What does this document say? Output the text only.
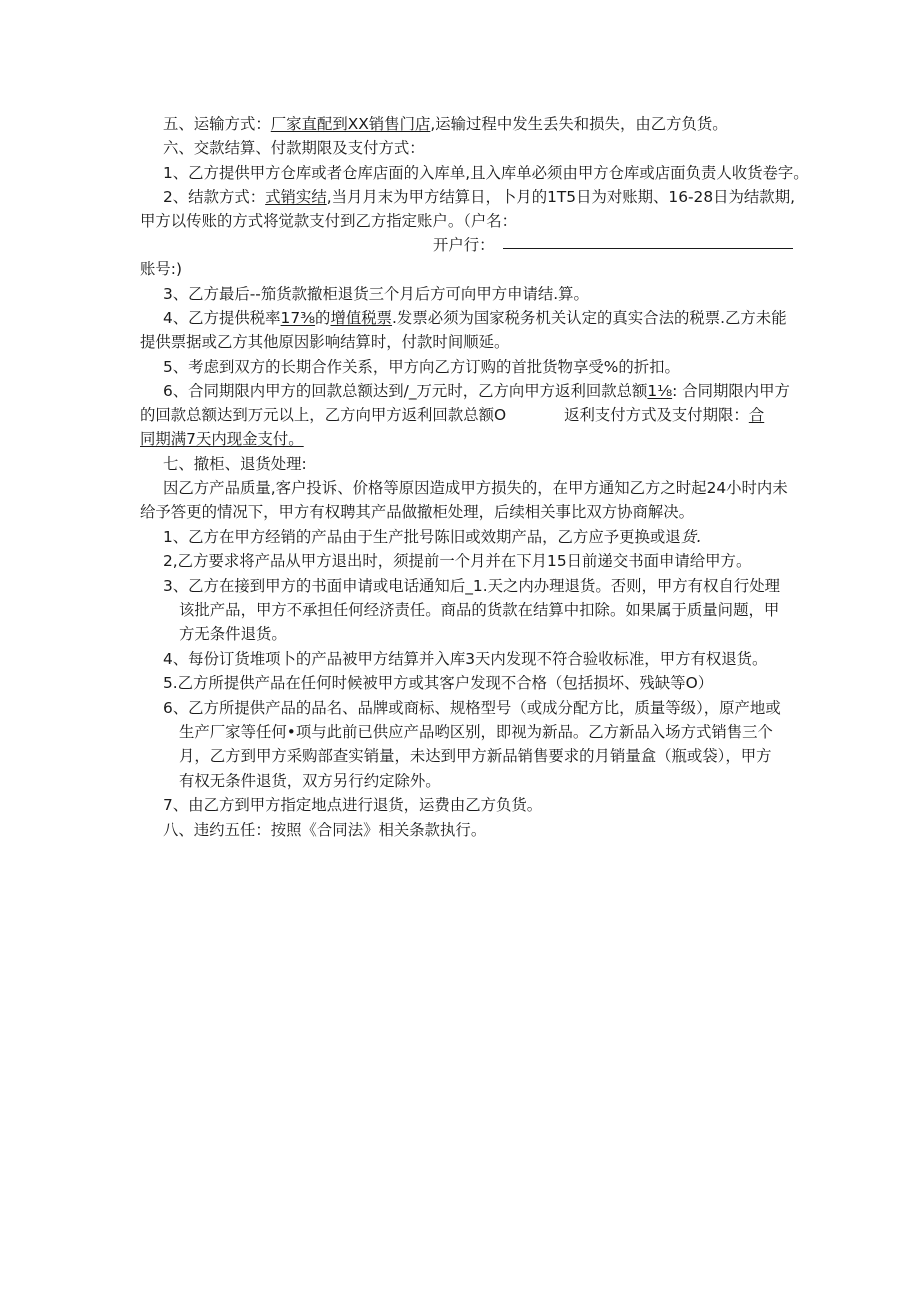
五、运输方式：厂家直配到XX销售门店,运输过程中发生丢失和损失，由乙方负货。
六、交款结算、付款期限及支付方式：
1、乙方提供甲方仓库或者仓库店面的入库单,且入库单必须由甲方仓库或店面负责人收货卷字。
2、结款方式：式销实结,当月月末为甲方结算日，卜月的1T5日为对账期、16-28日为结款期,
甲方以传账的方式将觉款支付到乙方指定账户。（户名：
开户行：
账号:)
3、乙方最后--笳货款撤柜退货三个月后方可向甲方申请结.算。
4、乙方提供税率17⅜的增值税票.发票必须为国家税务机关认定的真实合法的税票.乙方未能
提供票据或乙方其他原因影响结算时，付款时间顺延。
5、考虑到双方的长期合作关系，甲方向乙方订购的首批货物享受%的折扣。
6、合同期限内甲方的回款总额达到/_万元时，乙方向甲方返利回款总额1⅛: 合同期限内甲方
的回款总额达到万元以上，乙方向甲方返利回款总额O	返利支付方式及支付期限：合
同期满7天内现金支付。
七、撤柜、退货处理:
因乙方产品质量,客户投诉、价格等原因造成甲方损失的，在甲方通知乙方之时起24小时内未
给予答更的情况下，甲方有权聘其产品做撤柜处理，后续相关事比双方协商解决。
1、乙方在甲方经销的产品由于生产批号陈旧或效期产品，乙方应予更换或退货.
2,乙方要求将产品从甲方退出时，须提前一个月并在下月15日前递交书面申请给甲方。
3、乙方在接到甲方的书面申请或电话通知后_1.天之内办理退货。否则，甲方有权自行处理
该批产品，甲方不承担任何经济责任。商品的货款在结算中扣除。如果属于质量问题，甲
方无条件退货。
4、每份订货堆项卜的产品被甲方结算并入库3天内发现不符合验收标准，甲方有权退货。
5.乙方所提供产品在任何时候被甲方或其客户发现不合格（包括损坏、残缺等O）
6、乙方所提供产品的品名、品牌或商标、规格型号（或成分配方比，质量等级），原产地或
生产厂家等任何•项与此前已供应产品哟区别，即视为新品。乙方新品入场方式销售三个
月，乙方到甲方采购部查实销量，未达到甲方新品销售要求的月销量盒（瓶或袋），甲方
有权无条件退货，双方另行约定除外。
7、由乙方到甲方指定地点进行退货，运费由乙方负货。
八、违约五任：按照《合同法》相关条款执行。
